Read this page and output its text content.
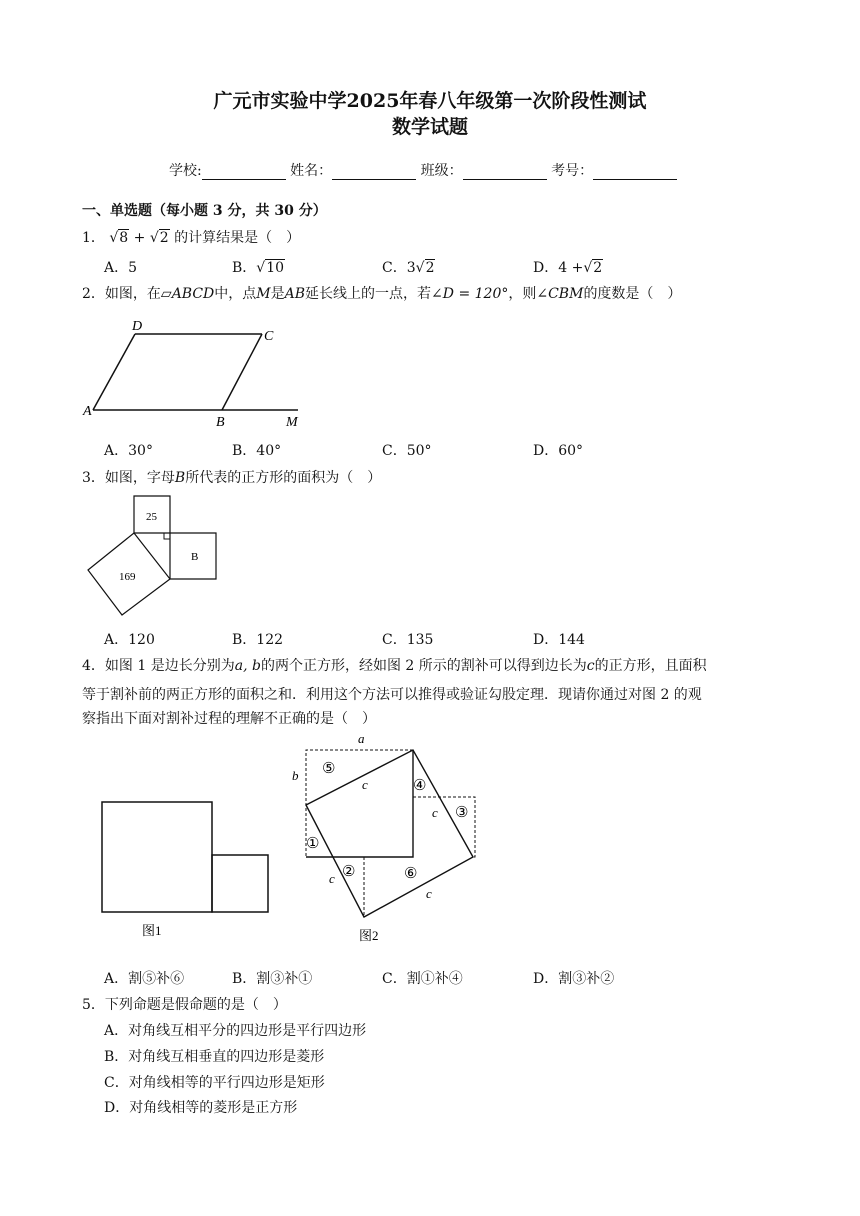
广元市实验中学2025年春八年级第一次阶段性测试
数学试题
学校:	姓名：	班级：	考号：
一、单选题（每小题 3 分，共 30 分）
1． √8 + √2 的计算结果是（　）
A．5	B．√10	C．3√2	D．4 +√2
2．如图，在▱ABCD中，点M是AB延长线上的一点，若∠D = 120°，则∠CBM的度数是（　）
D
C
A
B	M
A．30°	B．40°	C．50°	D．60°
3．如图，字母B所代表的正方形的面积为（　）
25
B
169
A．120	B．122	C．135	D．144
4．如图 1 是边长分别为a, b的两个正方形，经如图 2 所示的割补可以得到边长为c的正方形，且面积
等于割补前的两正方形的面积之和．利用这个方法可以推得或验证勾股定理．现请你通过对图 2 的观
察指出下面对割补过程的理解不正确的是（　）
图1
a
b
c
c
c
c
⑤
④
③
①
②	⑥
图2
A．割⑤补⑥	B．割③补①	C．割①补④	D．割③补②
5．下列命题是假命题的是（　）
A．对角线互相平分的四边形是平行四边形
B．对角线互相垂直的四边形是菱形
C．对角线相等的平行四边形是矩形
D．对角线相等的菱形是正方形
